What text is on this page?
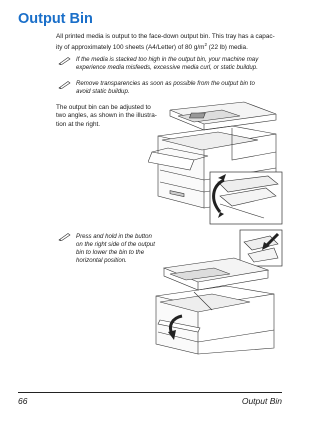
Output Bin

All printed media is output to the face-down output bin. This tray has a capac-
ity of approximately 100 sheets (A4/Letter) of 80 $g/m^2$ (22 lb) media.

If the media is stacked too high in the output bin, your machine may
experience media misfeeds, excessive media curl, or static buildup.

Remove transparencies as soon as possible from the output bin to
avoid static buildup.

The output bin can be adjusted to
two angles, as shown in the illustra-
tion at the right.

Press and hold in the button
on the right side of the output
bin to lower the bin to the
horizontal position.

66	Output Bin
